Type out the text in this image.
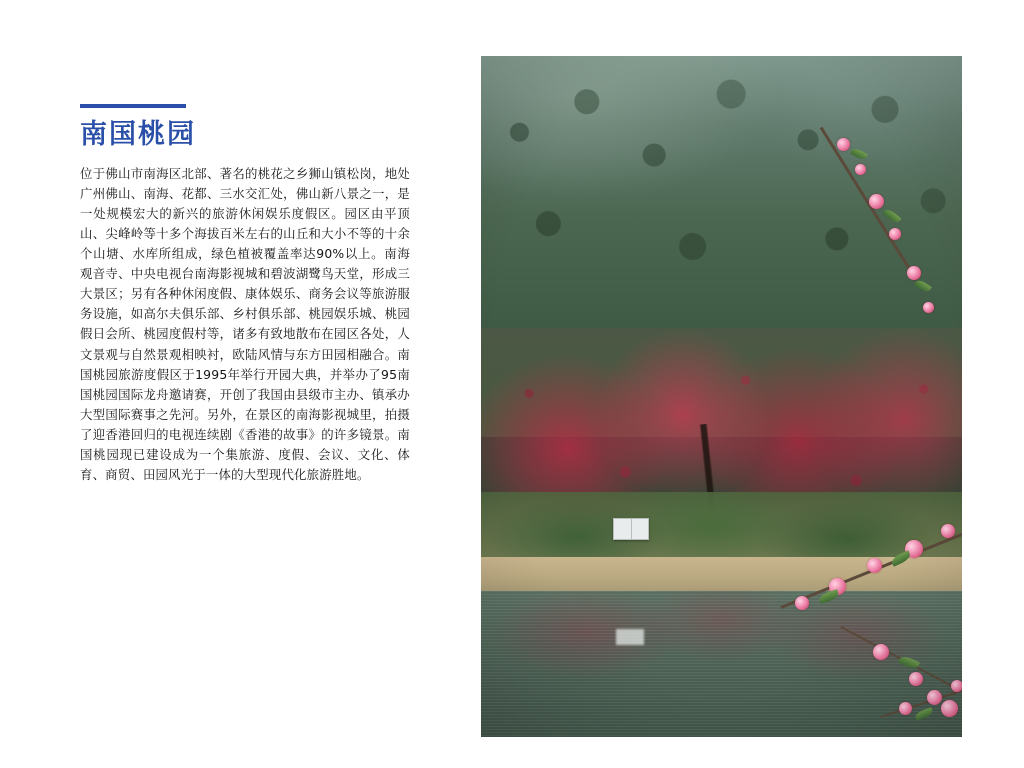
南国桃园

位于佛山市南海区北部、著名的桃花之乡狮山镇松岗，地处广州佛山、南海、花都、三水交汇处，佛山新八景之一，是一处规模宏大的新兴的旅游休闲娱乐度假区。园区由平顶山、尖峰岭等十多个海拔百米左右的山丘和大小不等的十余个山塘、水库所组成，绿色植被覆盖率达90%以上。南海观音寺、中央电视台南海影视城和碧波湖鹭鸟天堂，形成三大景区；另有各种休闲度假、康体娱乐、商务会议等旅游服务设施，如高尔夫俱乐部、乡村俱乐部、桃园娱乐城、桃园假日会所、桃园度假村等，诸多有致地散布在园区各处，人文景观与自然景观相映衬，欧陆风情与东方田园相融合。南国桃园旅游度假区于1995年举行开园大典，并举办了95南国桃园国际龙舟邀请赛，开创了我国由县级市主办、镇承办大型国际赛事之先河。另外，在景区的南海影视城里，拍摄了迎香港回归的电视连续剧《香港的故事》的许多镜景。南国桃园现已建设成为一个集旅游、度假、会议、文化、体育、商贸、田园风光于一体的大型现代化旅游胜地。
